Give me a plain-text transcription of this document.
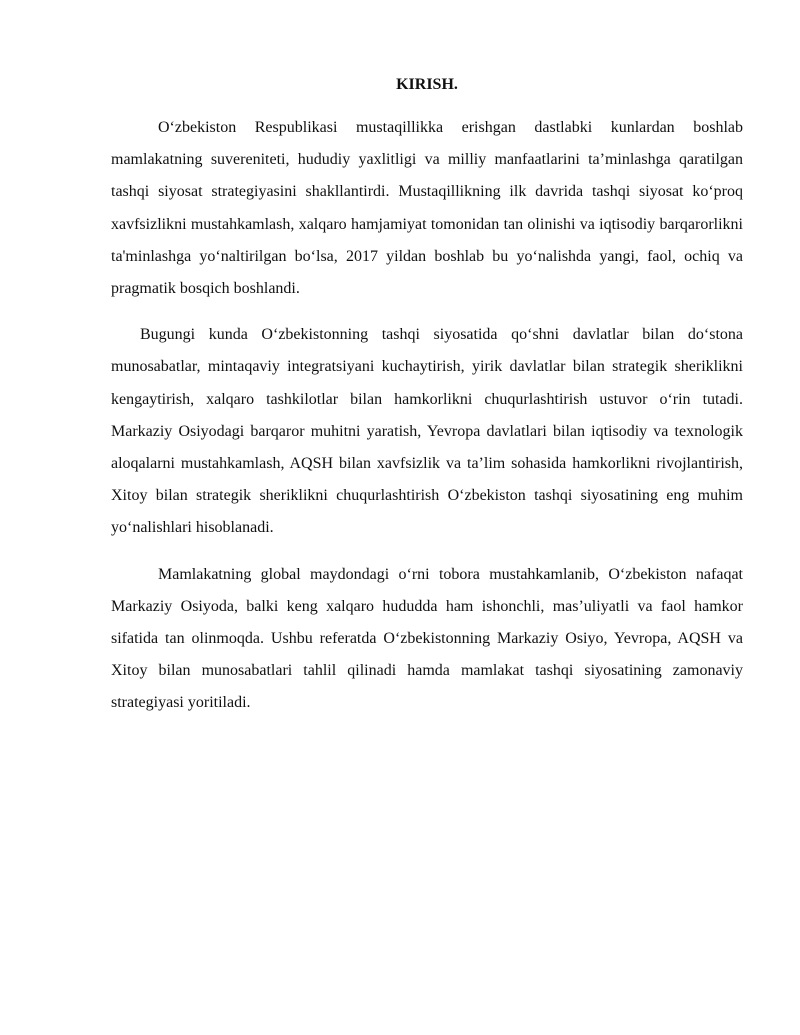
KIRISH.

O‘zbekiston Respublikasi mustaqillikka erishgan dastlabki kunlardan boshlab mamlakatning suvereniteti, hududiy yaxlitligi va milliy manfaatlarini ta’minlashga qaratilgan tashqi siyosat strategiyasini shakllantirdi. Mustaqillikning ilk davrida tashqi siyosat ko‘proq xavfsizlikni mustahkamlash, xalqaro hamjamiyat tomonidan tan olinishi va iqtisodiy barqarorlikni ta'minlashga yo‘naltirilgan bo‘lsa, 2017 yildan boshlab bu yo‘nalishda yangi, faol, ochiq va pragmatik bosqich boshlandi.

Bugungi kunda O‘zbekistonning tashqi siyosatida qo‘shni davlatlar bilan do‘stona munosabatlar, mintaqaviy integratsiyani kuchaytirish, yirik davlatlar bilan strategik sheriklikni kengaytirish, xalqaro tashkilotlar bilan hamkorlikni chuqurlashtirish ustuvor o‘rin tutadi. Markaziy Osiyodagi barqaror muhitni yaratish, Yevropa davlatlari bilan iqtisodiy va texnologik aloqalarni mustahkamlash, AQSH bilan xavfsizlik va ta’lim sohasida hamkorlikni rivojlantirish, Xitoy bilan strategik sheriklikni chuqurlashtirish O‘zbekiston tashqi siyosatining eng muhim yo‘nalishlari hisoblanadi.

Mamlakatning global maydondagi o‘rni tobora mustahkamlanib, O‘zbekiston nafaqat Markaziy Osiyoda, balki keng xalqaro hududda ham ishonchli, mas’uliyatli va faol hamkor sifatida tan olinmoqda. Ushbu referatda O‘zbekistonning Markaziy Osiyo, Yevropa, AQSH va Xitoy bilan munosabatlari tahlil qilinadi hamda mamlakat tashqi siyosatining zamonaviy strategiyasi yoritiladi.
